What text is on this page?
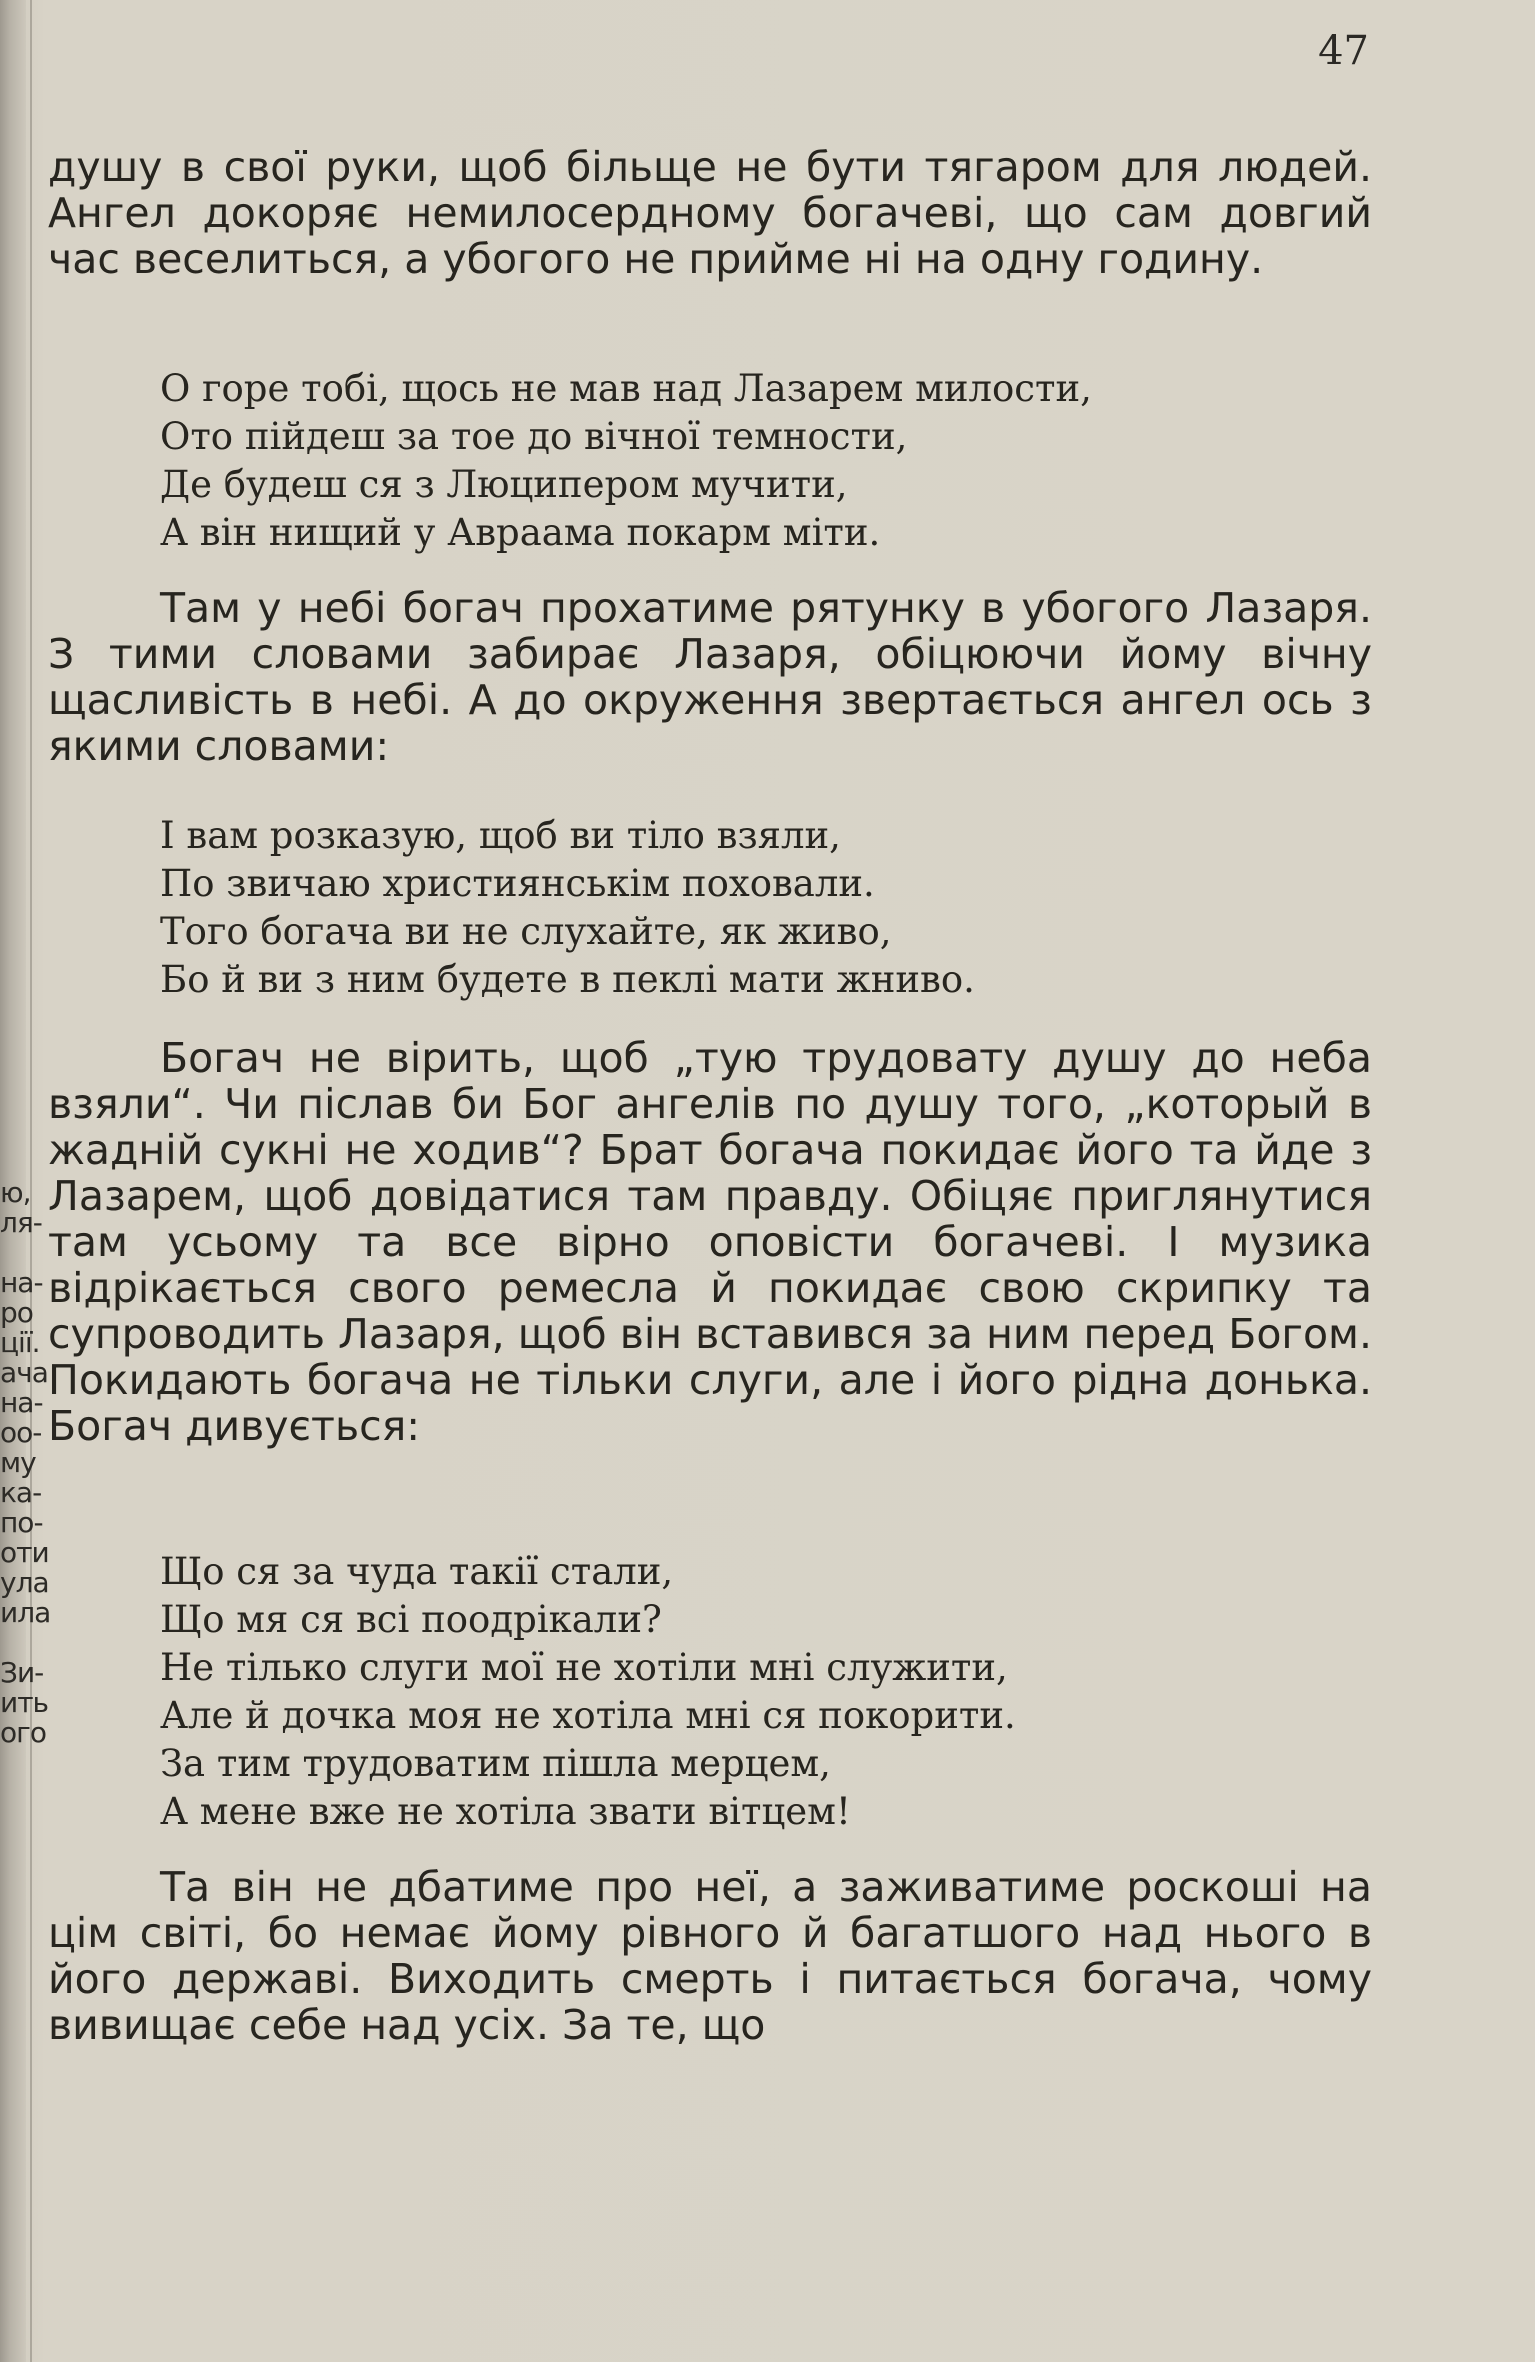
ю,
ля-
на-
ро
цiï.
ача
на-
оо-
му
ка-
по-
оти
ула
ила
Зи-
ить
ого
47

душу в свої руки, щоб більще не бути тягаром для людей. Ангел докоряє немилосердному богачеві, що сам довгий час веселиться, а убогого не прийме ні на одну годину.

О горе тобі, щось не мав над Лазарем милости,
Ото пійдеш за тое до вічної темности,
Де будеш ся з Люципером мучити,
А він нищий у Авраама покарм міти.

Там у небі богач прохатиме рятунку в убогого Лазаря. З тими словами забирає Лазаря, обіцюючи йому вічну щасливість в небі. А до окруження звертається ангел ось з якими словами:

І вам розказую, щоб ви тіло взяли,
По звичаю християнськім поховали.
Того богача ви не слухайте, як живо,
Бо й ви з ним будете в пеклі мати жниво.

Богач не вірить, щоб „тую трудовату душу до неба взяли“. Чи післав би Бог ангелів по душу того, „который в жадній сукні не ходив“? Брат богача покидає його та йде з Лазарем, щоб довідатися там правду. Обіцяє приглянутися там усьому та все вірно оповісти богачеві. І музика відрікається свого ремесла й покидає свою скрипку та супроводить Лазаря, щоб він вставився за ним перед Богом. Покидають богача не тільки слуги, але і його рідна донька. Богач дивується:

Що ся за чуда такії стали,
Що мя ся всі поодрікали?
Не тілько слуги мої не хотіли мні служити,
Але й дочка моя не хотіла мні ся покорити.
За тим трудоватим пішла мерцем,
А мене вже не хотіла звати вітцем!

Та він не дбатиме про неї, а заживатиме роскоші на цім світі, бо немає йому рівного й багатшого над нього в його державі. Виходить смерть і питається богача, чому вивищає себе над усіх. За те, що
